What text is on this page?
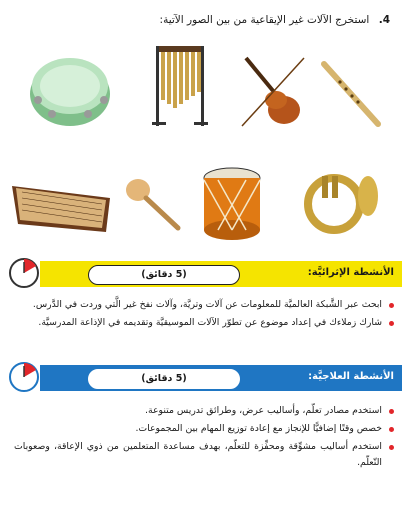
4. استخرج الآلات غير الإيقاعية من بين الصور الآتية:
الأنشطة الإثرائيَّة:
(5 دقائق)
ابحث عبر الشَّبكة العالميَّة للمعلومات عن آلات وتريَّة، وآلات نفخ غير الَّتي وردت في الدَّرس.
شارك زملاءك في إعداد موضوع عن تطوّر الآلات الموسيقيَّة وتقديمه في الإذاعة المدرسيَّة.
الأنشطة العلاجيَّة:
(5 دقائق)
استخدم مصادر تعلّم، وأساليب عرض، وطرائق تدريس متنوعة.
خصص وقتًا إضافيًّا للإنجاز مع إعادة توزيع المهام بين المجموعات.
استخدم أساليب مشوِّقة ومحفِّزة للتعلّم، بهدف مساعدة المتعلمين من ذوي الإعاقة، وصعوبات التّعلّم.
